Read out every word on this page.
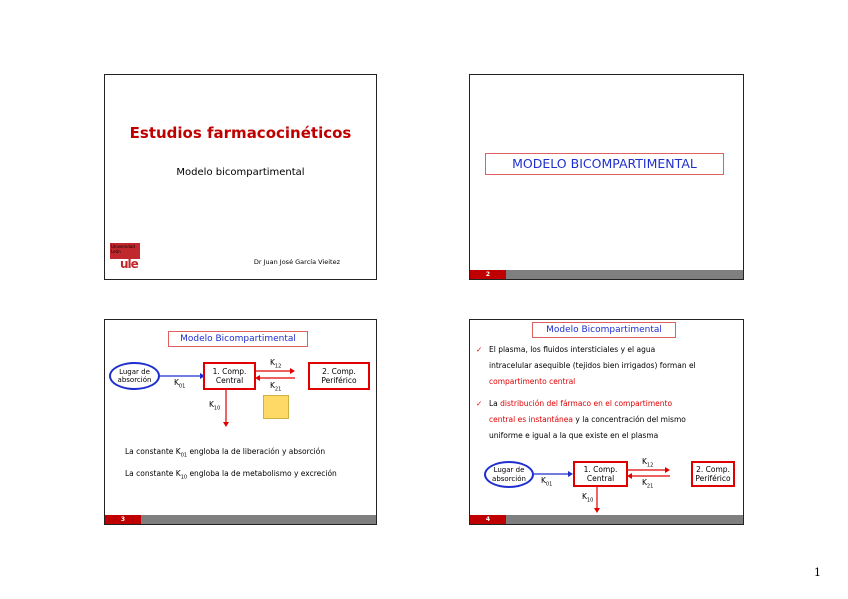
Estudios farmacocinéticos
Modelo bicompartimental
Universidad
León
ule	Dr Juan José García Vieitez
MODELO BICOMPARTIMENTAL
2
Modelo Bicompartimental
Lugar de absorción
1. Comp. Central
2. Comp. Periférico
$K_{01}$
$K_{12}$
$K_{21}$
$K_{10}$
La constante $K_{01}$ engloba la de liberación y absorción
La constante $K_{10}$ engloba la de metabolismo y excreción
3
Modelo Bicompartimental
✓ El plasma, los fluidos intersticiales y el agua
intracelular asequible (tejidos bien irrigados) forman el
compartimento central
✓ La distribución del fármaco en el compartimento
central es instantánea y la concentración del mismo
uniforme e igual a la que existe en el plasma
Lugar de absorción
1. Comp. Central
2. Comp. Periférico
$K_{01}$
$K_{12}$
$K_{21}$
$K_{10}$
4
1
